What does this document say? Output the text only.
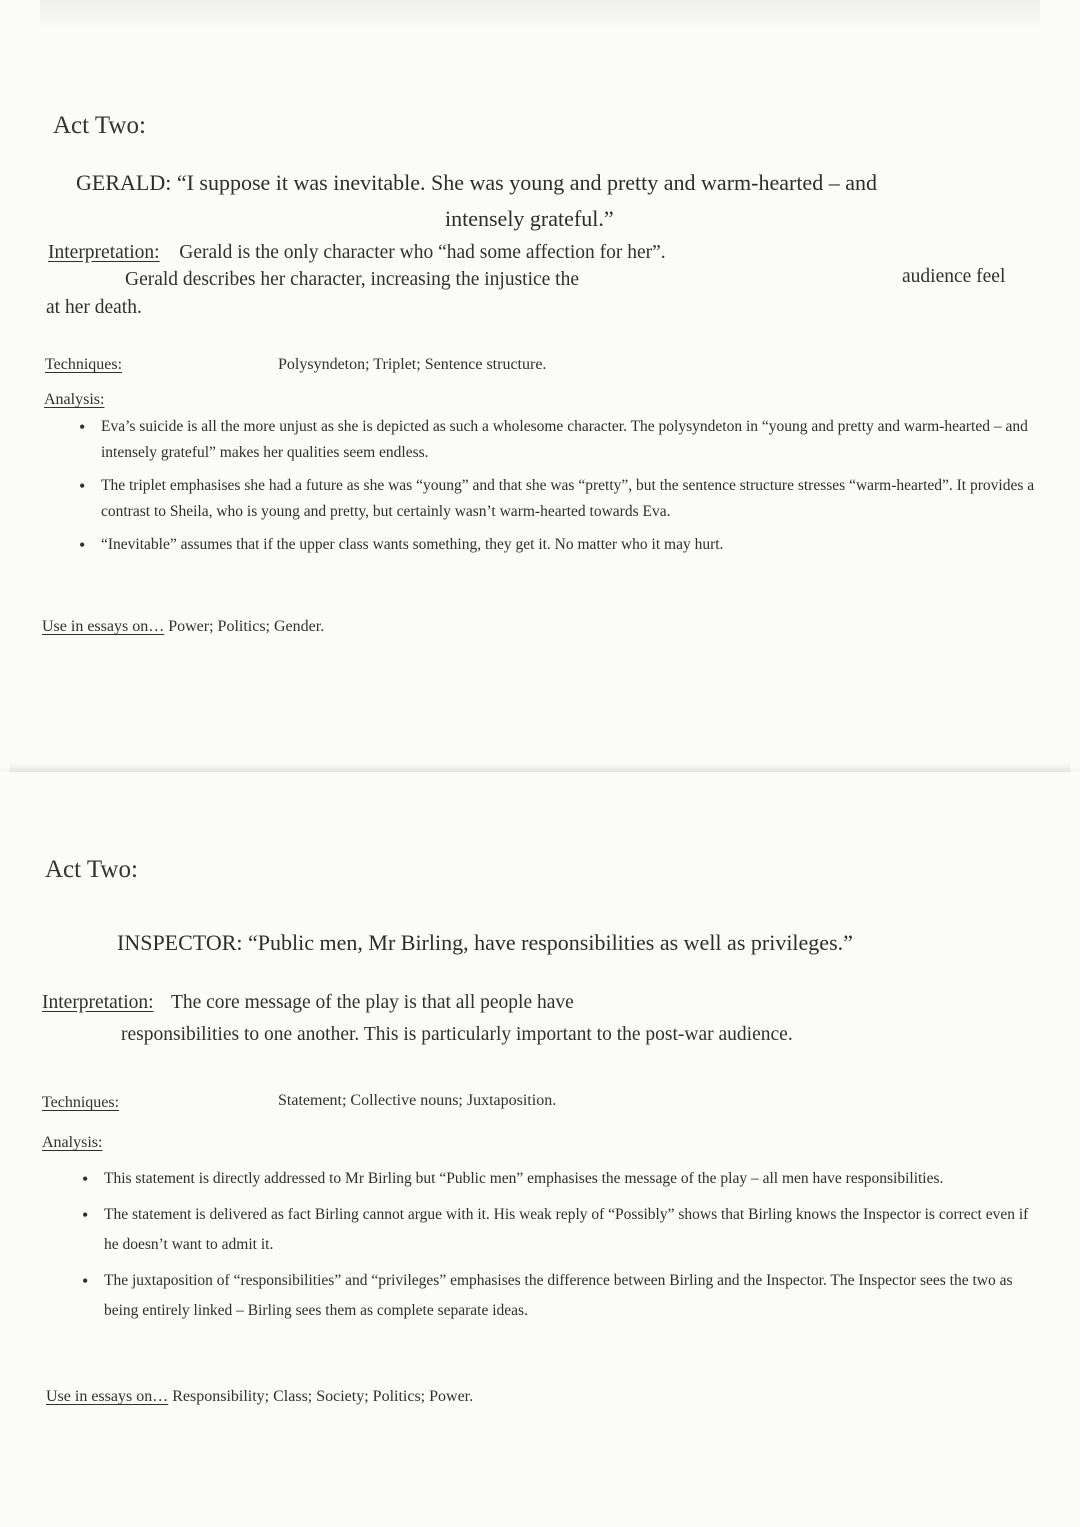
Act Two:
GERALD: “I suppose it was inevitable. She was young and pretty and warm-hearted – and
intensely grateful.”
Interpretation: Gerald is the only character who “had some affection for her”.
Gerald describes her character, increasing the injustice the	audience feel
at her death.
Techniques:	Polysyndeton; Triplet; Sentence structure.
Analysis:
• Eva’s suicide is all the more unjust as she is depicted as such a wholesome character. The polysyndeton in “young and pretty and warm-hearted – and intensely grateful” makes her qualities seem endless.
• The triplet emphasises she had a future as she was “young” and that she was “pretty”, but the sentence structure stresses “warm-hearted”. It provides a contrast to Sheila, who is young and pretty, but certainly wasn’t warm-hearted towards Eva.
• “Inevitable” assumes that if the upper class wants something, they get it. No matter who it may hurt.
Use in essays on… Power; Politics; Gender.
Act Two:
INSPECTOR: “Public men, Mr Birling, have responsibilities as well as privileges.”
Interpretation: The core message of the play is that all people have
responsibilities to one another. This is particularly important to the post-war audience.
Techniques:	Statement; Collective nouns; Juxtaposition.
Analysis:
• This statement is directly addressed to Mr Birling but “Public men” emphasises the message of the play – all men have responsibilities.
• The statement is delivered as fact Birling cannot argue with it. His weak reply of “Possibly” shows that Birling knows the Inspector is correct even if he doesn’t want to admit it.
• The juxtaposition of “responsibilities” and “privileges” emphasises the difference between Birling and the Inspector. The Inspector sees the two as being entirely linked – Birling sees them as complete separate ideas.
Use in essays on… Responsibility; Class; Society; Politics; Power.
